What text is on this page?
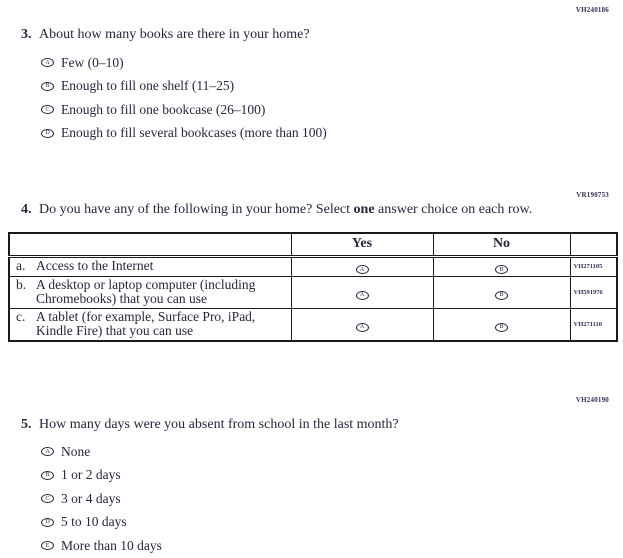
VH240186
3. About how many books are there in your home?
A Few (0–10)
B Enough to fill one shelf (11–25)
C Enough to fill one bookcase (26–100)
D Enough to fill several bookcases (more than 100)
VR190753
4. Do you have any of the following in your home? Select one answer choice on each row.
	Yes	No	

a. Access to the Internet	A	B	VH271105

b. A desktop or laptop computer (including Chromebooks) that you can use	A	B	VH591976

c. A tablet (for example, Surface Pro, iPad, Kindle Fire) that you can use	A	B	VH271110
VH240190
5. How many days were you absent from school in the last month?
A None
B 1 or 2 days
C 3 or 4 days
D 5 to 10 days
E More than 10 days
